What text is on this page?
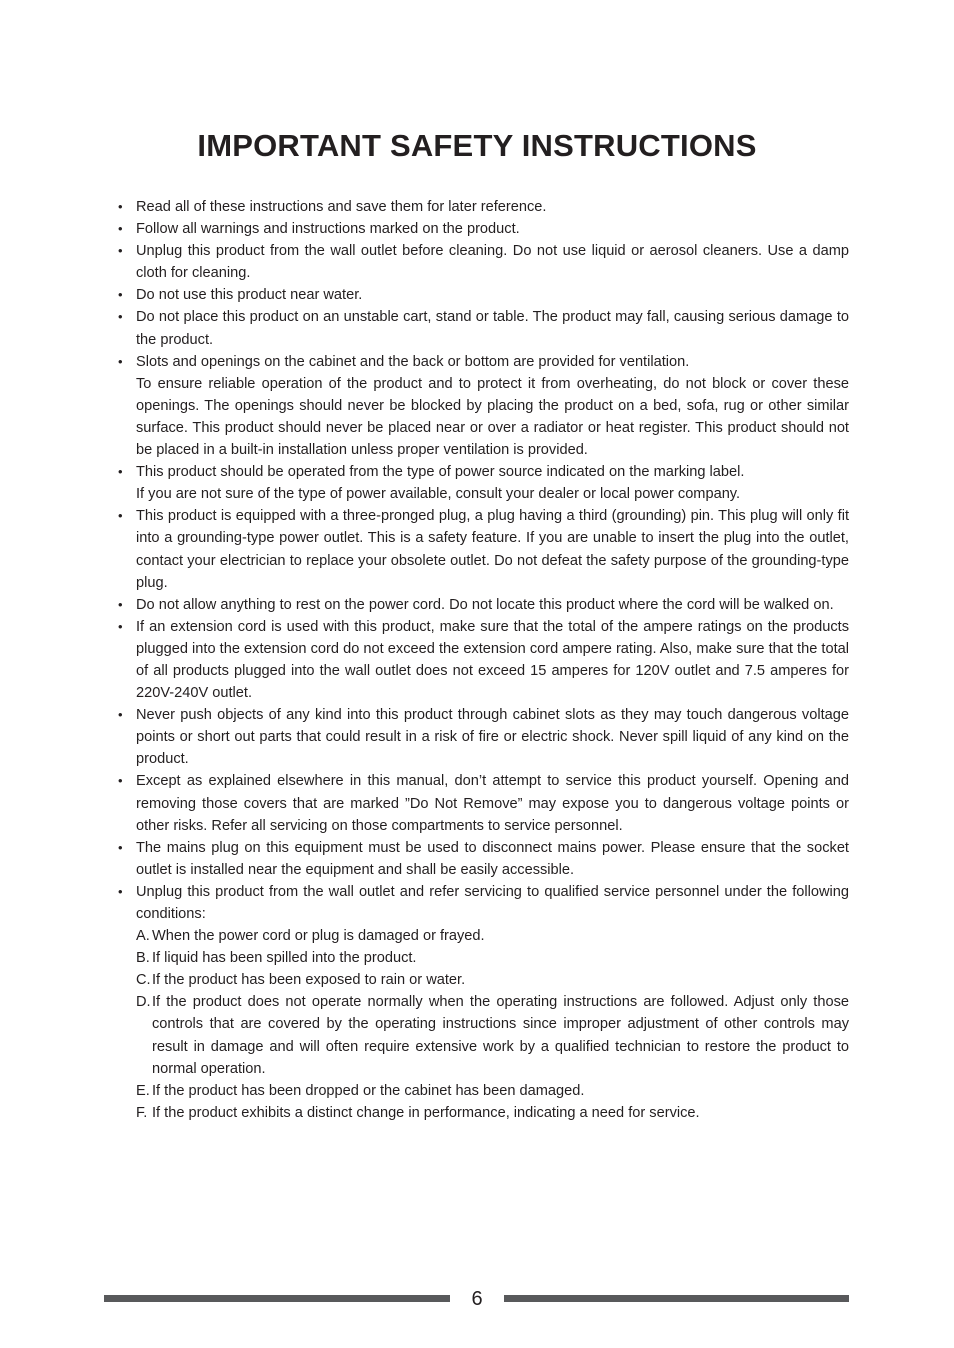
IMPORTANT SAFETY INSTRUCTIONS
• Read all of these instructions and save them for later reference.
• Follow all warnings and instructions marked on the product.
• Unplug this product from the wall outlet before cleaning. Do not use liquid or aerosol cleaners. Use a damp cloth for cleaning.
• Do not use this product near water.
• Do not place this product on an unstable cart, stand or table. The product may fall, causing serious damage to the product.
• Slots and openings on the cabinet and the back or bottom are provided for ventilation.
To ensure reliable operation of the product and to protect it from overheating, do not block or cover these openings. The openings should never be blocked by placing the product on a bed, sofa, rug or other similar surface. This product should never be placed near or over a radiator or heat register. This product should not be placed in a built-in installation unless proper ventilation is provided.
• This product should be operated from the type of power source indicated on the marking label.
If you are not sure of the type of power available, consult your dealer or local power company.
• This product is equipped with a three-pronged plug, a plug having a third (grounding) pin. This plug will only fit into a grounding-type power outlet. This is a safety feature. If you are unable to insert the plug into the outlet, contact your electrician to replace your obsolete outlet. Do not defeat the safety purpose of the grounding-type plug.
• Do not allow anything to rest on the power cord. Do not locate this product where the cord will be walked on.
• If an extension cord is used with this product, make sure that the total of the ampere ratings on the products plugged into the extension cord do not exceed the extension cord ampere rating. Also, make sure that the total of all products plugged into the wall outlet does not exceed 15 amperes for 120V outlet and 7.5 amperes for 220V-240V outlet.
• Never push objects of any kind into this product through cabinet slots as they may touch dangerous voltage points or short out parts that could result in a risk of fire or electric shock. Never spill liquid of any kind on the product.
• Except as explained elsewhere in this manual, don’t attempt to service this product yourself. Opening and removing those covers that are marked ”Do Not Remove” may expose you to dangerous voltage points or other risks. Refer all servicing on those compartments to service personnel.
• The mains plug on this equipment must be used to disconnect mains power. Please ensure that the socket outlet is installed near the equipment and shall be easily accessible.
• Unplug this product from the wall outlet and refer servicing to qualified service personnel under the following conditions:
A. When the power cord or plug is damaged or frayed.
B. If liquid has been spilled into the product.
C. If the product has been exposed to rain or water.
D. If the product does not operate normally when the operating instructions are followed. Adjust only those controls that are covered by the operating instructions since improper adjustment of other controls may result in damage and will often require extensive work by a qualified technician to restore the product to normal operation.
E. If the product has been dropped or the cabinet has been damaged.
F. If the product exhibits a distinct change in performance, indicating a need for service.
6
